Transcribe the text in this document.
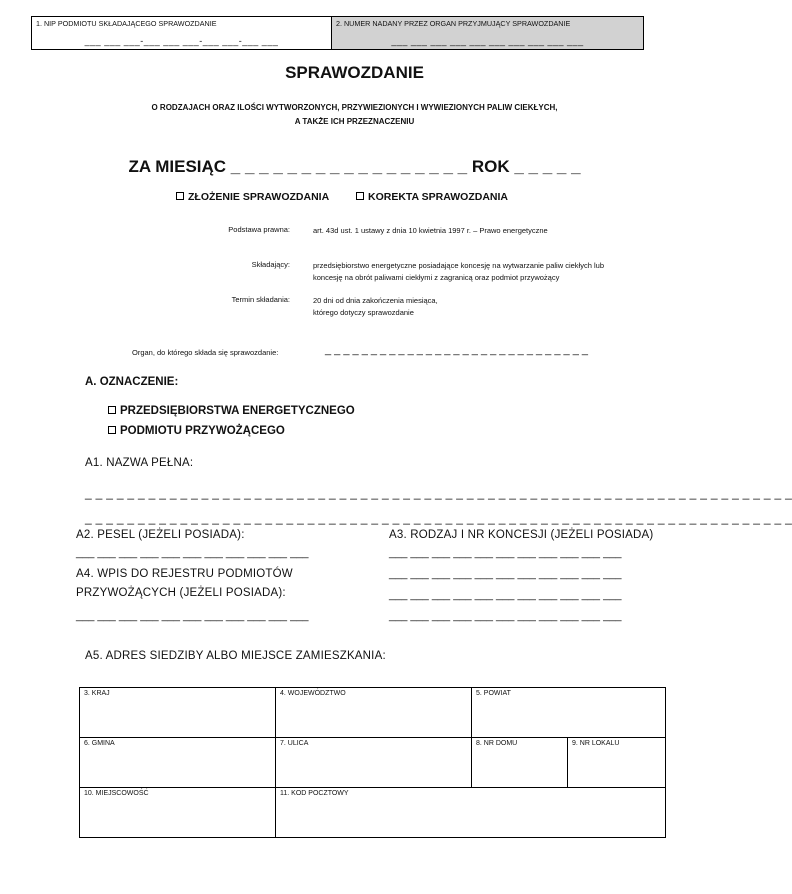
1. NIP PODMIOTU SKŁADAJĄCEGO SPRAWOZDANIE
___ ___ ___-___ ___ ___-___ ___-___ ___
2. NUMER NADANY PRZEZ ORGAN PRZYJMUJĄCY SPRAWOZDANIE
___ ___ ___ ___ ___ ___ ___ ___ ___ ___
SPRAWOZDANIE
O RODZAJACH ORAZ ILOŚCI WYTWORZONYCH, PRZYWIEZIONYCH I WYWIEZIONYCH PALIW CIEKŁYCH,
A TAKŻE ICH PRZEZNACZENIU
ZA MIESIĄC _ _ _ _ _ _ _ _ _ _ _ _ _ _ _ _ _ ROK _ _ _ _ _
ZŁOŻENIE SPRAWOZDANIA	KOREKTA SPRAWOZDANIA
Podstawa prawna:	art. 43d ust. 1 ustawy z dnia 10 kwietnia 1997 r. – Prawo energetyczne
Składający:	przedsiębiorstwo energetyczne posiadające koncesję na wytwarzanie paliw ciekłych lub
koncesję na obrót paliwami ciekłymi z zagranicą oraz podmiot przywożący
Termin składania:	20 dni od dnia zakończenia miesiąca,
którego dotyczy sprawozdanie
Organ, do którego składa się sprawozdanie:	_ _ _ _ _ _ _ _ _ _ _ _ _ _ _ _ _ _ _ _ _ _ _ _ _ _ _ _ _
A. OZNACZENIE:
PRZEDSIĘBIORSTWA ENERGETYCZNEGO
PODMIOTU PRZYWOŻĄCEGO
A1. NAZWA PEŁNA:
_ _ _ _ _ _ _ _ _ _ _ _ _ _ _ _ _ _ _ _ _ _ _ _ _ _ _ _ _ _ _ _ _ _ _ _ _ _ _ _ _ _ _ _ _ _ _ _ _ _ _ _ _ _ _ _ _ _ _ _ _ _ _ _ _ _ _
_ _ _ _ _ _ _ _ _ _ _ _ _ _ _ _ _ _ _ _ _ _ _ _ _ _ _ _ _ _ _ _ _ _ _ _ _ _ _ _ _ _ _ _ _ _ _ _ _ _ _ _ _ _ _ _ _ _ _ _ _ _ _ _ _ _ _
A2. PESEL (JEŻELI POSIADA):
___ ___ ___ ___ ___ ___ ___ ___ ___ ___ ___
A3. RODZAJ I NR KONCESJI (JEŻELI POSIADA)
___ ___ ___ ___ ___ ___ ___ ___ ___ ___ ___
___ ___ ___ ___ ___ ___ ___ ___ ___ ___ ___
___ ___ ___ ___ ___ ___ ___ ___ ___ ___ ___
___ ___ ___ ___ ___ ___ ___ ___ ___ ___ ___
A4. WPIS DO REJESTRU PODMIOTÓW
PRZYWOŻĄCYCH (JEŻELI POSIADA):
___ ___ ___ ___ ___ ___ ___ ___ ___ ___ ___
A5. ADRES SIEDZIBY ALBO MIEJSCE ZAMIESZKANIA:
3. KRAJ	4. WOJEWÓDZTWO	5. POWIAT	
6. GMINA	7. ULICA	8. NR DOMU	9. NR LOKALU
10. MIEJSCOWOŚĆ	11. KOD POCZTOWY		
